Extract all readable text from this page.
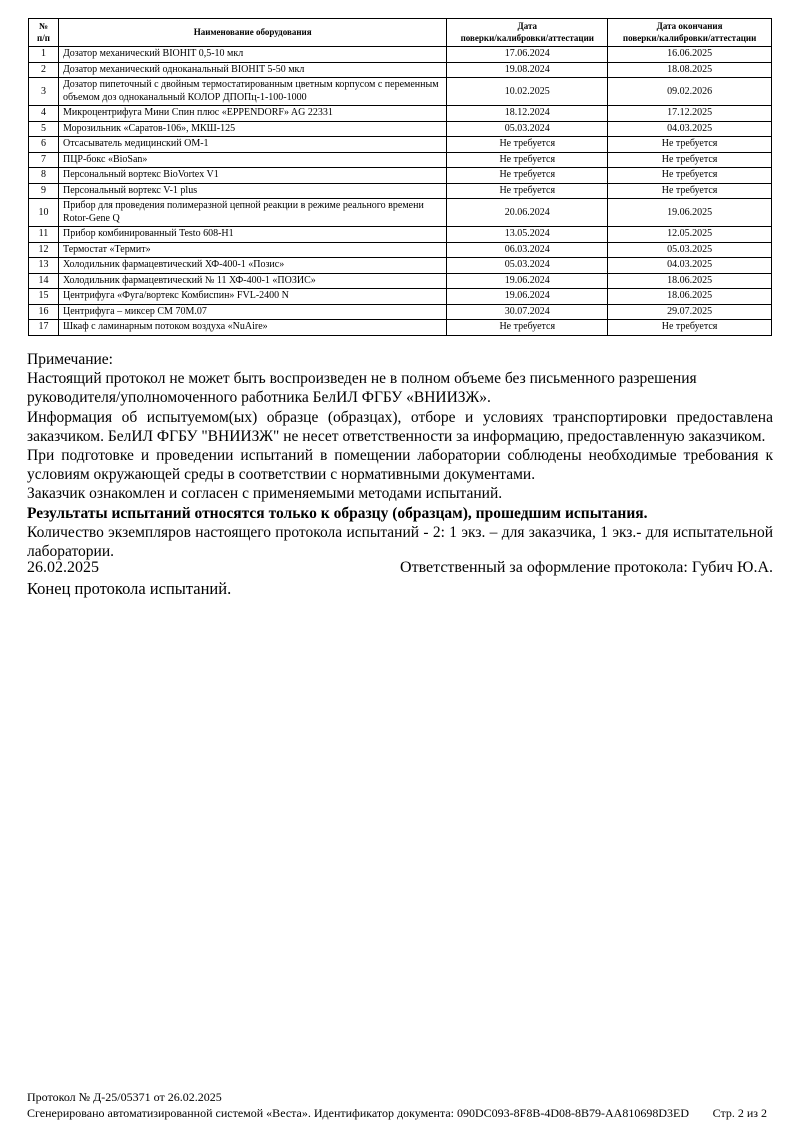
№
п/п	Наименование оборудования	Дата
поверки/калибровки/аттестации	Дата окончания
поверки/калибровки/аттестации
1	Дозатор механический BIOHIT 0,5-10 мкл	17.06.2024	16.06.2025
2	Дозатор механический одноканальный BIOHIT 5-50 мкл	19.08.2024	18.08.2025
3	Дозатор пипеточный с двойным термостатированным цветным корпусом с переменным объемом доз одноканальный КОЛОР ДПОПц-1-100-1000	10.02.2025	09.02.2026
4	Микроцентрифуга Мини Спин плюс «EPPENDORF» AG 22331	18.12.2024	17.12.2025
5	Морозильник «Саратов-106», МКШ-125	05.03.2024	04.03.2025
6	Отсасыватель медицинский ОМ-1	Не требуется	Не требуется
7	ПЦР-бокс «BioSan»	Не требуется	Не требуется
8	Персональный вортекс BioVortex V1	Не требуется	Не требуется
9	Персональный вортекс V-1 plus	Не требуется	Не требуется
10	Прибор для проведения полимеразной цепной реакции в режиме реального времени Rotor-Gene Q	20.06.2024	19.06.2025
11	Прибор комбинированный Testo 608-H1	13.05.2024	12.05.2025
12	Термостат «Термит»	06.03.2024	05.03.2025
13	Холодильник фармацевтический ХФ-400-1 «Позис»	05.03.2024	04.03.2025
14	Холодильник фармацевтический № 11 ХФ-400-1 «ПОЗИС»	19.06.2024	18.06.2025
15	Центрифуга «Фуга/вортекс Комбиспин» FVL-2400 N	19.06.2024	18.06.2025
16	Центрифуга – миксер СМ 70М.07	30.07.2024	29.07.2025
17	Шкаф с ламинарным потоком воздуха «NuAire»	Не требуется	Не требуется

Примечание:

Настоящий протокол не может быть воспроизведен не в полном объеме без письменного разрешения руководителя/уполномоченного работника БелИЛ ФГБУ «ВНИИЗЖ».

Информация об испытуемом(ых) образце (образцах), отборе и условиях транспортировки предоставлена заказчиком. БелИЛ ФГБУ "ВНИИЗЖ" не несет ответственности за информацию, предоставленную заказчиком.

При подготовке и проведении испытаний в помещении лаборатории соблюдены необходимые требования к условиям окружающей среды в соответствии с нормативными документами.

Заказчик ознакомлен и согласен с применяемыми методами испытаний.

Результаты испытаний относятся только к образцу (образцам), прошедшим испытания.

Количество экземпляров настоящего протокола испытаний - 2: 1 экз. – для заказчика, 1 экз.- для испытательной лаборатории.

26.02.2025	Ответственный за оформление протокола: Губич Ю.А.
Конец протокола испытаний.
Протокол № Д-25/05371 от 26.02.2025
Сгенерировано автоматизированной системой «Веста». Идентификатор документа: 090DC093-8F8B-4D08-8B79-AA810698D3ED Стр. 2 из 2
